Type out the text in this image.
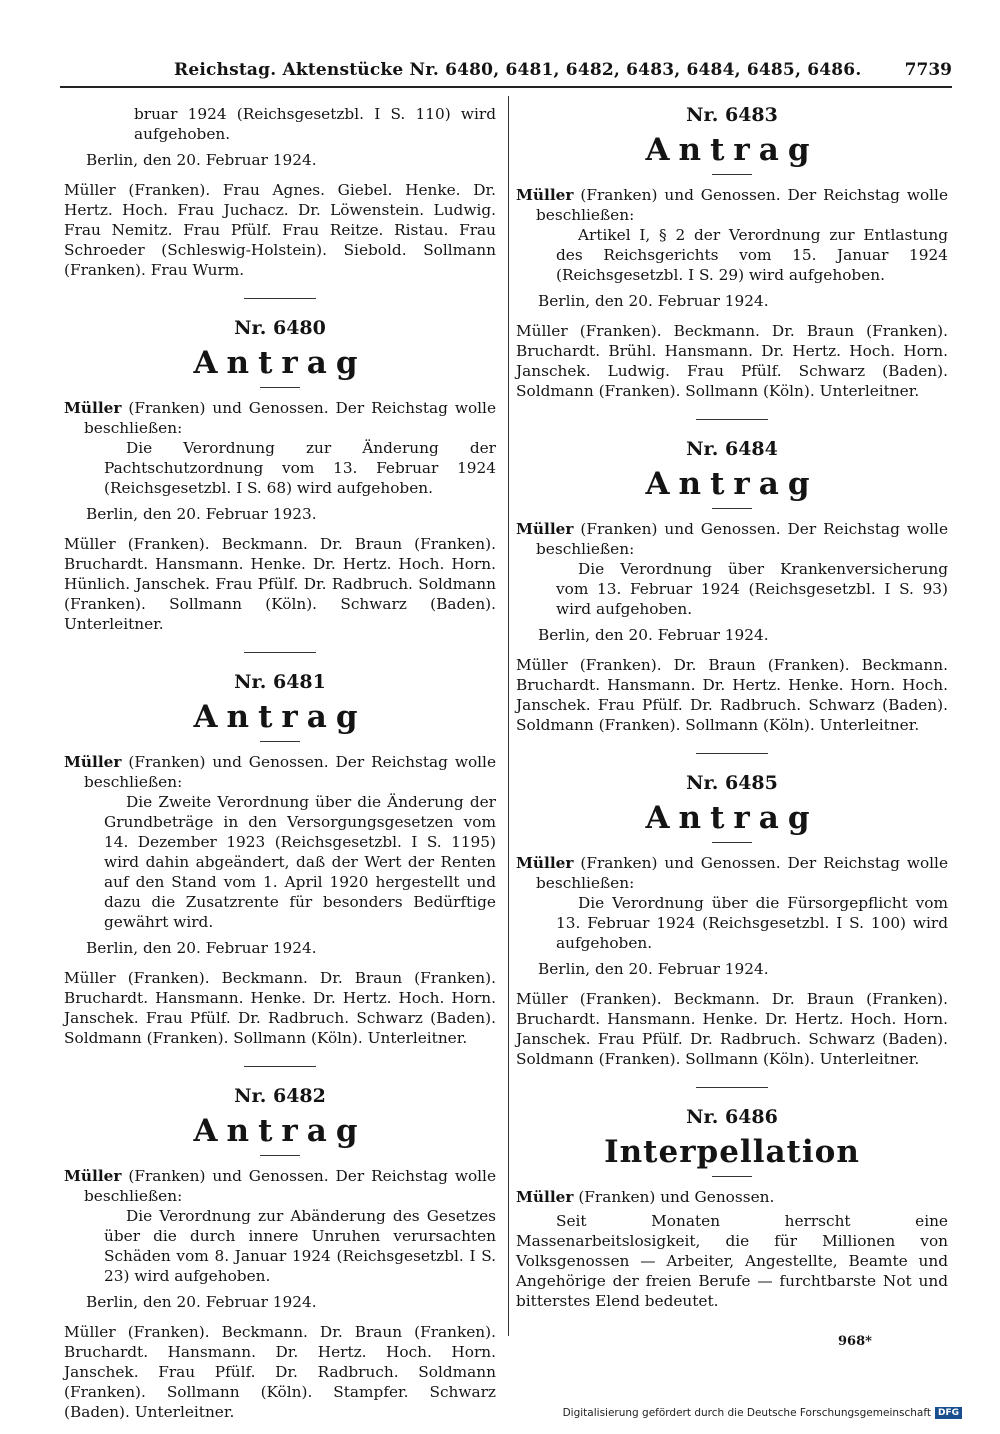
Reichstag. Aktenstücke Nr. 6480, 6481, 6482, 6483, 6484, 6485, 6486.	7739

bruar 1924 (Reichsgesetzbl. I S. 110) wird aufgehoben.

Berlin, den 20. Februar 1924.

Müller (Franken). Frau Agnes. Giebel. Henke. Dr. Hertz. Hoch. Frau Juchacz. Dr. Löwenstein. Ludwig. Frau Nemitz. Frau Pfülf. Frau Reitze. Ristau. Frau Schroeder (Schleswig-Holstein). Siebold. Sollmann (Franken). Frau Wurm.

Nr. 6480

Antrag

Müller (Franken) und Genossen. Der Reichstag wolle beschließen:

Die Verordnung zur Änderung der Pachtschutzordnung vom 13. Februar 1924 (Reichsgesetzbl. I S. 68) wird aufgehoben.

Berlin, den 20. Februar 1923.

Müller (Franken). Beckmann. Dr. Braun (Franken). Bruchardt. Hansmann. Henke. Dr. Hertz. Hoch. Horn. Hünlich. Janschek. Frau Pfülf. Dr. Radbruch. Soldmann (Franken). Sollmann (Köln). Schwarz (Baden). Unterleitner.

Nr. 6481

Antrag

Müller (Franken) und Genossen. Der Reichstag wolle beschließen:

Die Zweite Verordnung über die Änderung der Grundbeträge in den Versorgungsgesetzen vom 14. Dezember 1923 (Reichsgesetzbl. I S. 1195) wird dahin abgeändert, daß der Wert der Renten auf den Stand vom 1. April 1920 hergestellt und dazu die Zusatzrente für besonders Bedürftige gewährt wird.

Berlin, den 20. Februar 1924.

Müller (Franken). Beckmann. Dr. Braun (Franken). Bruchardt. Hansmann. Henke. Dr. Hertz. Hoch. Horn. Janschek. Frau Pfülf. Dr. Radbruch. Schwarz (Baden). Soldmann (Franken). Sollmann (Köln). Unterleitner.

Nr. 6482

Antrag

Müller (Franken) und Genossen. Der Reichstag wolle beschließen:

Die Verordnung zur Abänderung des Gesetzes über die durch innere Unruhen verursachten Schäden vom 8. Januar 1924 (Reichsgesetzbl. I S. 23) wird aufgehoben.

Berlin, den 20. Februar 1924.

Müller (Franken). Beckmann. Dr. Braun (Franken). Bruchardt. Hansmann. Dr. Hertz. Hoch. Horn. Janschek. Frau Pfülf. Dr. Radbruch. Soldmann (Franken). Sollmann (Köln). Stampfer. Schwarz (Baden). Unterleitner.

Nr. 6483

Antrag

Müller (Franken) und Genossen. Der Reichstag wolle beschließen:

Artikel I, § 2 der Verordnung zur Entlastung des Reichsgerichts vom 15. Januar 1924 (Reichsgesetzbl. I S. 29) wird aufgehoben.

Berlin, den 20. Februar 1924.

Müller (Franken). Beckmann. Dr. Braun (Franken). Bruchardt. Brühl. Hansmann. Dr. Hertz. Hoch. Horn. Janschek. Ludwig. Frau Pfülf. Schwarz (Baden). Soldmann (Franken). Sollmann (Köln). Unterleitner.

Nr. 6484

Antrag

Müller (Franken) und Genossen. Der Reichstag wolle beschließen:

Die Verordnung über Krankenversicherung vom 13. Februar 1924 (Reichsgesetzbl. I S. 93) wird aufgehoben.

Berlin, den 20. Februar 1924.

Müller (Franken). Dr. Braun (Franken). Beckmann. Bruchardt. Hansmann. Dr. Hertz. Henke. Horn. Hoch. Janschek. Frau Pfülf. Dr. Radbruch. Schwarz (Baden). Soldmann (Franken). Sollmann (Köln). Unterleitner.

Nr. 6485

Antrag

Müller (Franken) und Genossen. Der Reichstag wolle beschließen:

Die Verordnung über die Fürsorgepflicht vom 13. Februar 1924 (Reichsgesetzbl. I S. 100) wird aufgehoben.

Berlin, den 20. Februar 1924.

Müller (Franken). Beckmann. Dr. Braun (Franken). Bruchardt. Hansmann. Henke. Dr. Hertz. Hoch. Horn. Janschek. Frau Pfülf. Dr. Radbruch. Schwarz (Baden). Soldmann (Franken). Sollmann (Köln). Unterleitner.

Nr. 6486

Interpellation

Müller (Franken) und Genossen.

Seit Monaten herrscht eine Massenarbeitslosigkeit, die für Millionen von Volksgenossen — Arbeiter, Angestellte, Beamte und Angehörige der freien Berufe — furchtbarste Not und bitterstes Elend bedeutet.

968*
Digitalisierung gefördert durch die Deutsche Forschungsgemeinschaft DFG
